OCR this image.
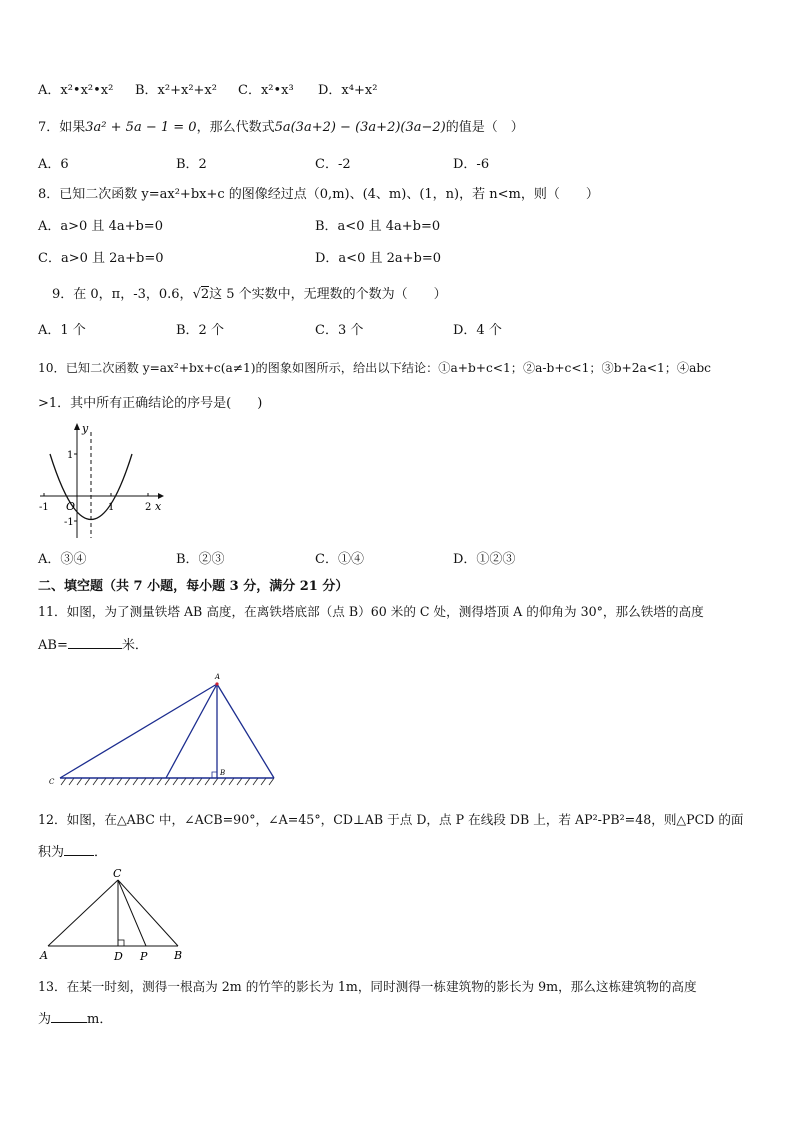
A．x²•x²•x² B．x²+x²+x² C．x²•x³ D．x⁴+x²
7．如果3a² + 5a − 1 = 0，那么代数式5a(3a+2) − (3a+2)(3a−2)的值是（　）
A．6	B．2	C．-2	D．-6
8．已知二次函数 y=ax²+bx+c 的图像经过点（0,m)、(4、m)、(1，n)，若 n<m，则（　　）
A．a>0 且 4a+b=0	B．a<0 且 4a+b=0
C．a>0 且 2a+b=0	D．a<0 且 2a+b=0
9．在 0，π，-3，0.6，√2这 5 个实数中，无理数的个数为（　　）
A．1 个	B．2 个	C．3 个	D．4 个
10．已知二次函数 y=ax²+bx+c(a≠1)的图象如图所示，给出以下结论：①a+b+c<1；②a-b+c<1；③b+2a<1；④abc
>1．其中所有正确结论的序号是(　　)
y
x
O
1
-1
-1	1	2
A．③④	B．②③	C．①④	D．①②③
二、填空题（共 7 小题，每小题 3 分，满分 21 分）
11．如图，为了测量铁塔 AB 高度，在离铁塔底部（点 B）60 米的 C 处，测得塔顶 A 的仰角为 30°，那么铁塔的高度
AB=	米．
A
B
C
12．如图，在△ABC 中，∠ACB=90°，∠A=45°，CD⊥AB 于点 D，点 P 在线段 DB 上，若 AP²-PB²=48，则△PCD 的面
积为 ．
C
A	D P B
13．在某一时刻，测得一根高为 2m 的竹竿的影长为 1m，同时测得一栋建筑物的影长为 9m，那么这栋建筑物的高度
为	m．
